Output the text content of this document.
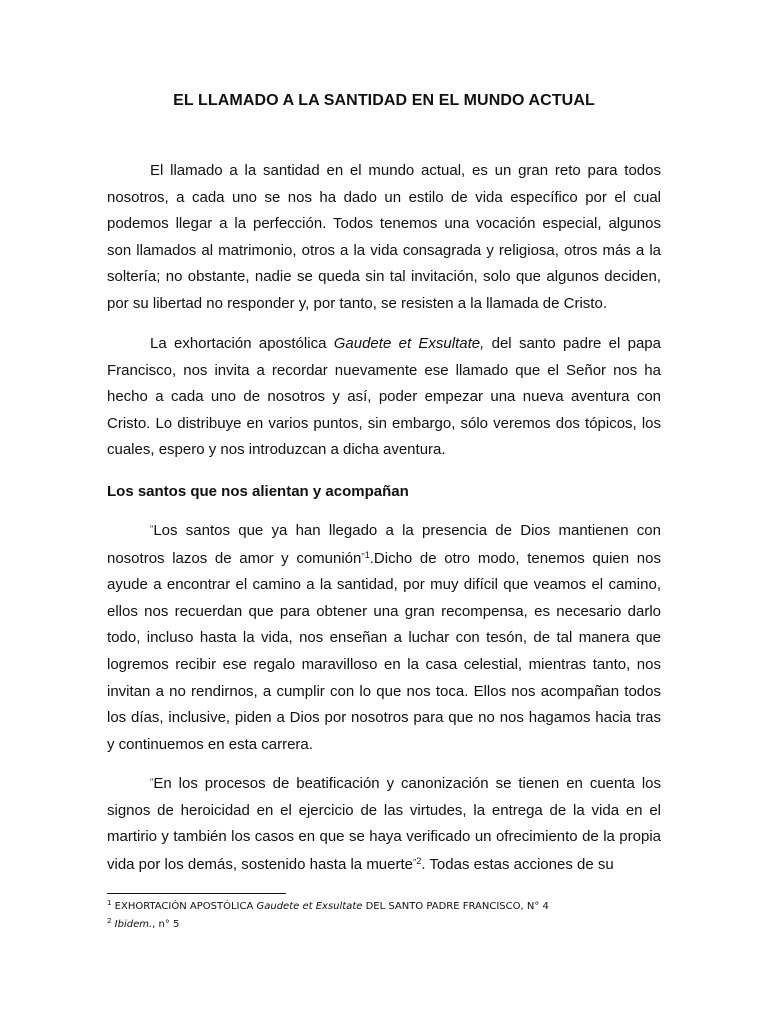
EL LLAMADO A LA SANTIDAD EN EL MUNDO ACTUAL

El llamado a la santidad en el mundo actual, es un gran reto para todos nosotros, a cada uno se nos ha dado un estilo de vida específico por el cual podemos llegar a la perfección. Todos tenemos una vocación especial, algunos son llamados al matrimonio, otros a la vida consagrada y religiosa, otros más a la soltería; no obstante, nadie se queda sin tal invitación, solo que algunos deciden, por su libertad no responder y, por tanto, se resisten a la llamada de Cristo.

La exhortación apostólica Gaudete et Exsultate, del santo padre el papa Francisco, nos invita a recordar nuevamente ese llamado que el Señor nos ha hecho a cada uno de nosotros y así, poder empezar una nueva aventura con Cristo. Lo distribuye en varios puntos, sin embargo, sólo veremos dos tópicos, los cuales, espero y nos introduzcan a dicha aventura.

Los santos que nos alientan y acompañan

“Los santos que ya han llegado a la presencia de Dios mantienen con nosotros lazos de amor y comunión$^{”1}$.Dicho de otro modo, tenemos quien nos ayude a encontrar el camino a la santidad, por muy difícil que veamos el camino, ellos nos recuerdan que para obtener una gran recompensa, es necesario darlo todo, incluso hasta la vida, nos enseñan a luchar con tesón, de tal manera que logremos recibir ese regalo maravilloso en la casa celestial, mientras tanto, nos invitan a no rendirnos, a cumplir con lo que nos toca. Ellos nos acompañan todos los días, inclusive, piden a Dios por nosotros para que no nos hagamos hacia tras y continuemos en esta carrera.

“En los procesos de beatificación y canonización se tienen en cuenta los signos de heroicidad en el ejercicio de las virtudes, la entrega de la vida en el martirio y también los casos en que se haya verificado un ofrecimiento de la propia vida por los demás, sostenido hasta la muerte$^{”2}$. Todas estas acciones de su

$^1$ EXHORTACIÓN APOSTÓLICA Gaudete et Exsultate DEL SANTO PADRE FRANCISCO, N° 4
$^2$ Ibidem., n° 5
